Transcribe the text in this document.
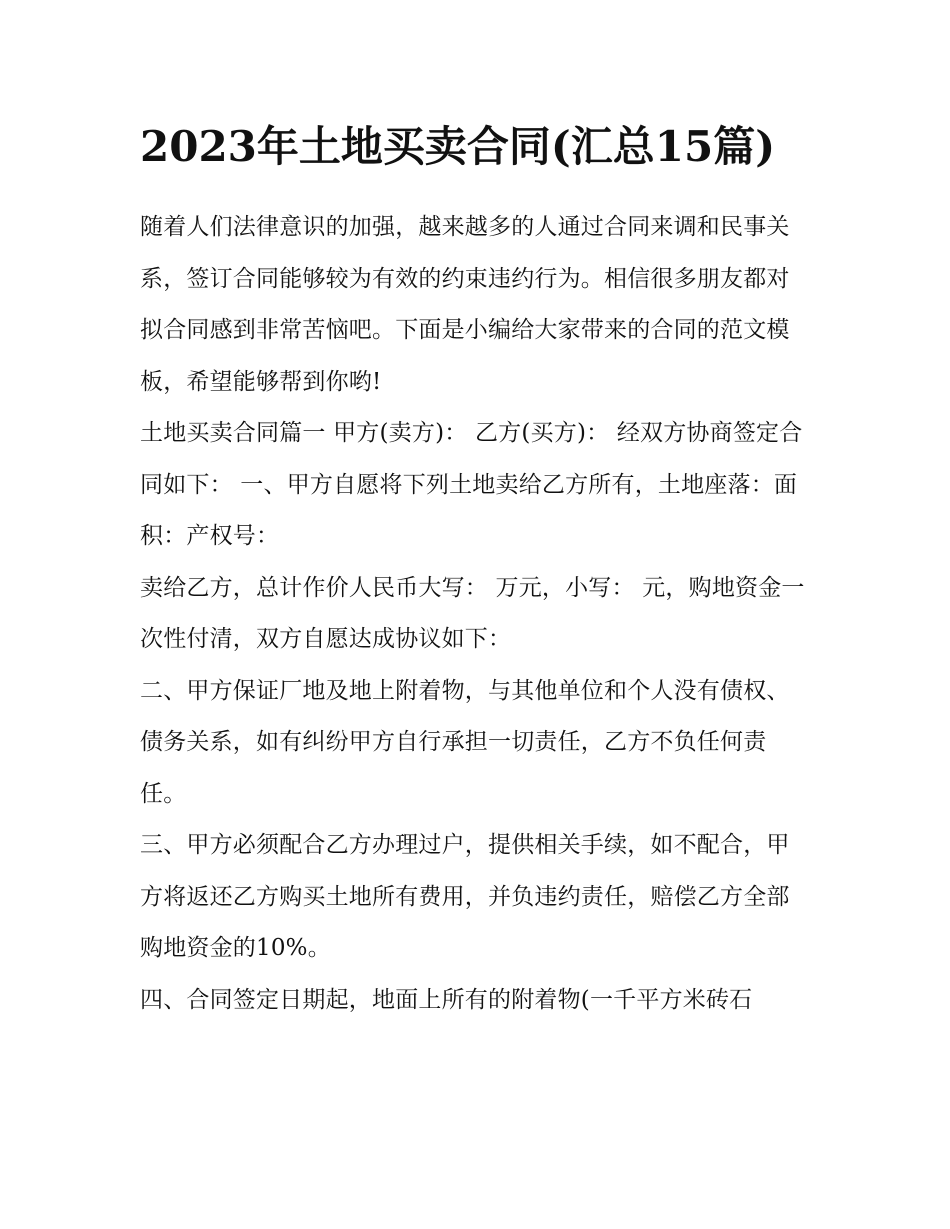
2023年土地买卖合同(汇总15篇)

随着人们法律意识的加强，越来越多的人通过合同来调和民事关系，签订合同能够较为有效的约束违约行为。相信很多朋友都对拟合同感到非常苦恼吧。下面是小编给大家带来的合同的范文模板，希望能够帮到你哟!

土地买卖合同篇一 甲方(卖方)： 乙方(买方)： 经双方协商签定合同如下： 一、甲方自愿将下列土地卖给乙方所有，土地座落：面积：产权号：

卖给乙方，总计作价人民币大写： 万元，小写： 元，购地资金一次性付清，双方自愿达成协议如下：

二、甲方保证厂地及地上附着物，与其他单位和个人没有债权、债务关系，如有纠纷甲方自行承担一切责任，乙方不负任何责任。

三、甲方必须配合乙方办理过户，提供相关手续，如不配合，甲方将返还乙方购买土地所有费用，并负违约责任，赔偿乙方全部购地资金的10%。

四、合同签定日期起，地面上所有的附着物(一千平方米砖石
